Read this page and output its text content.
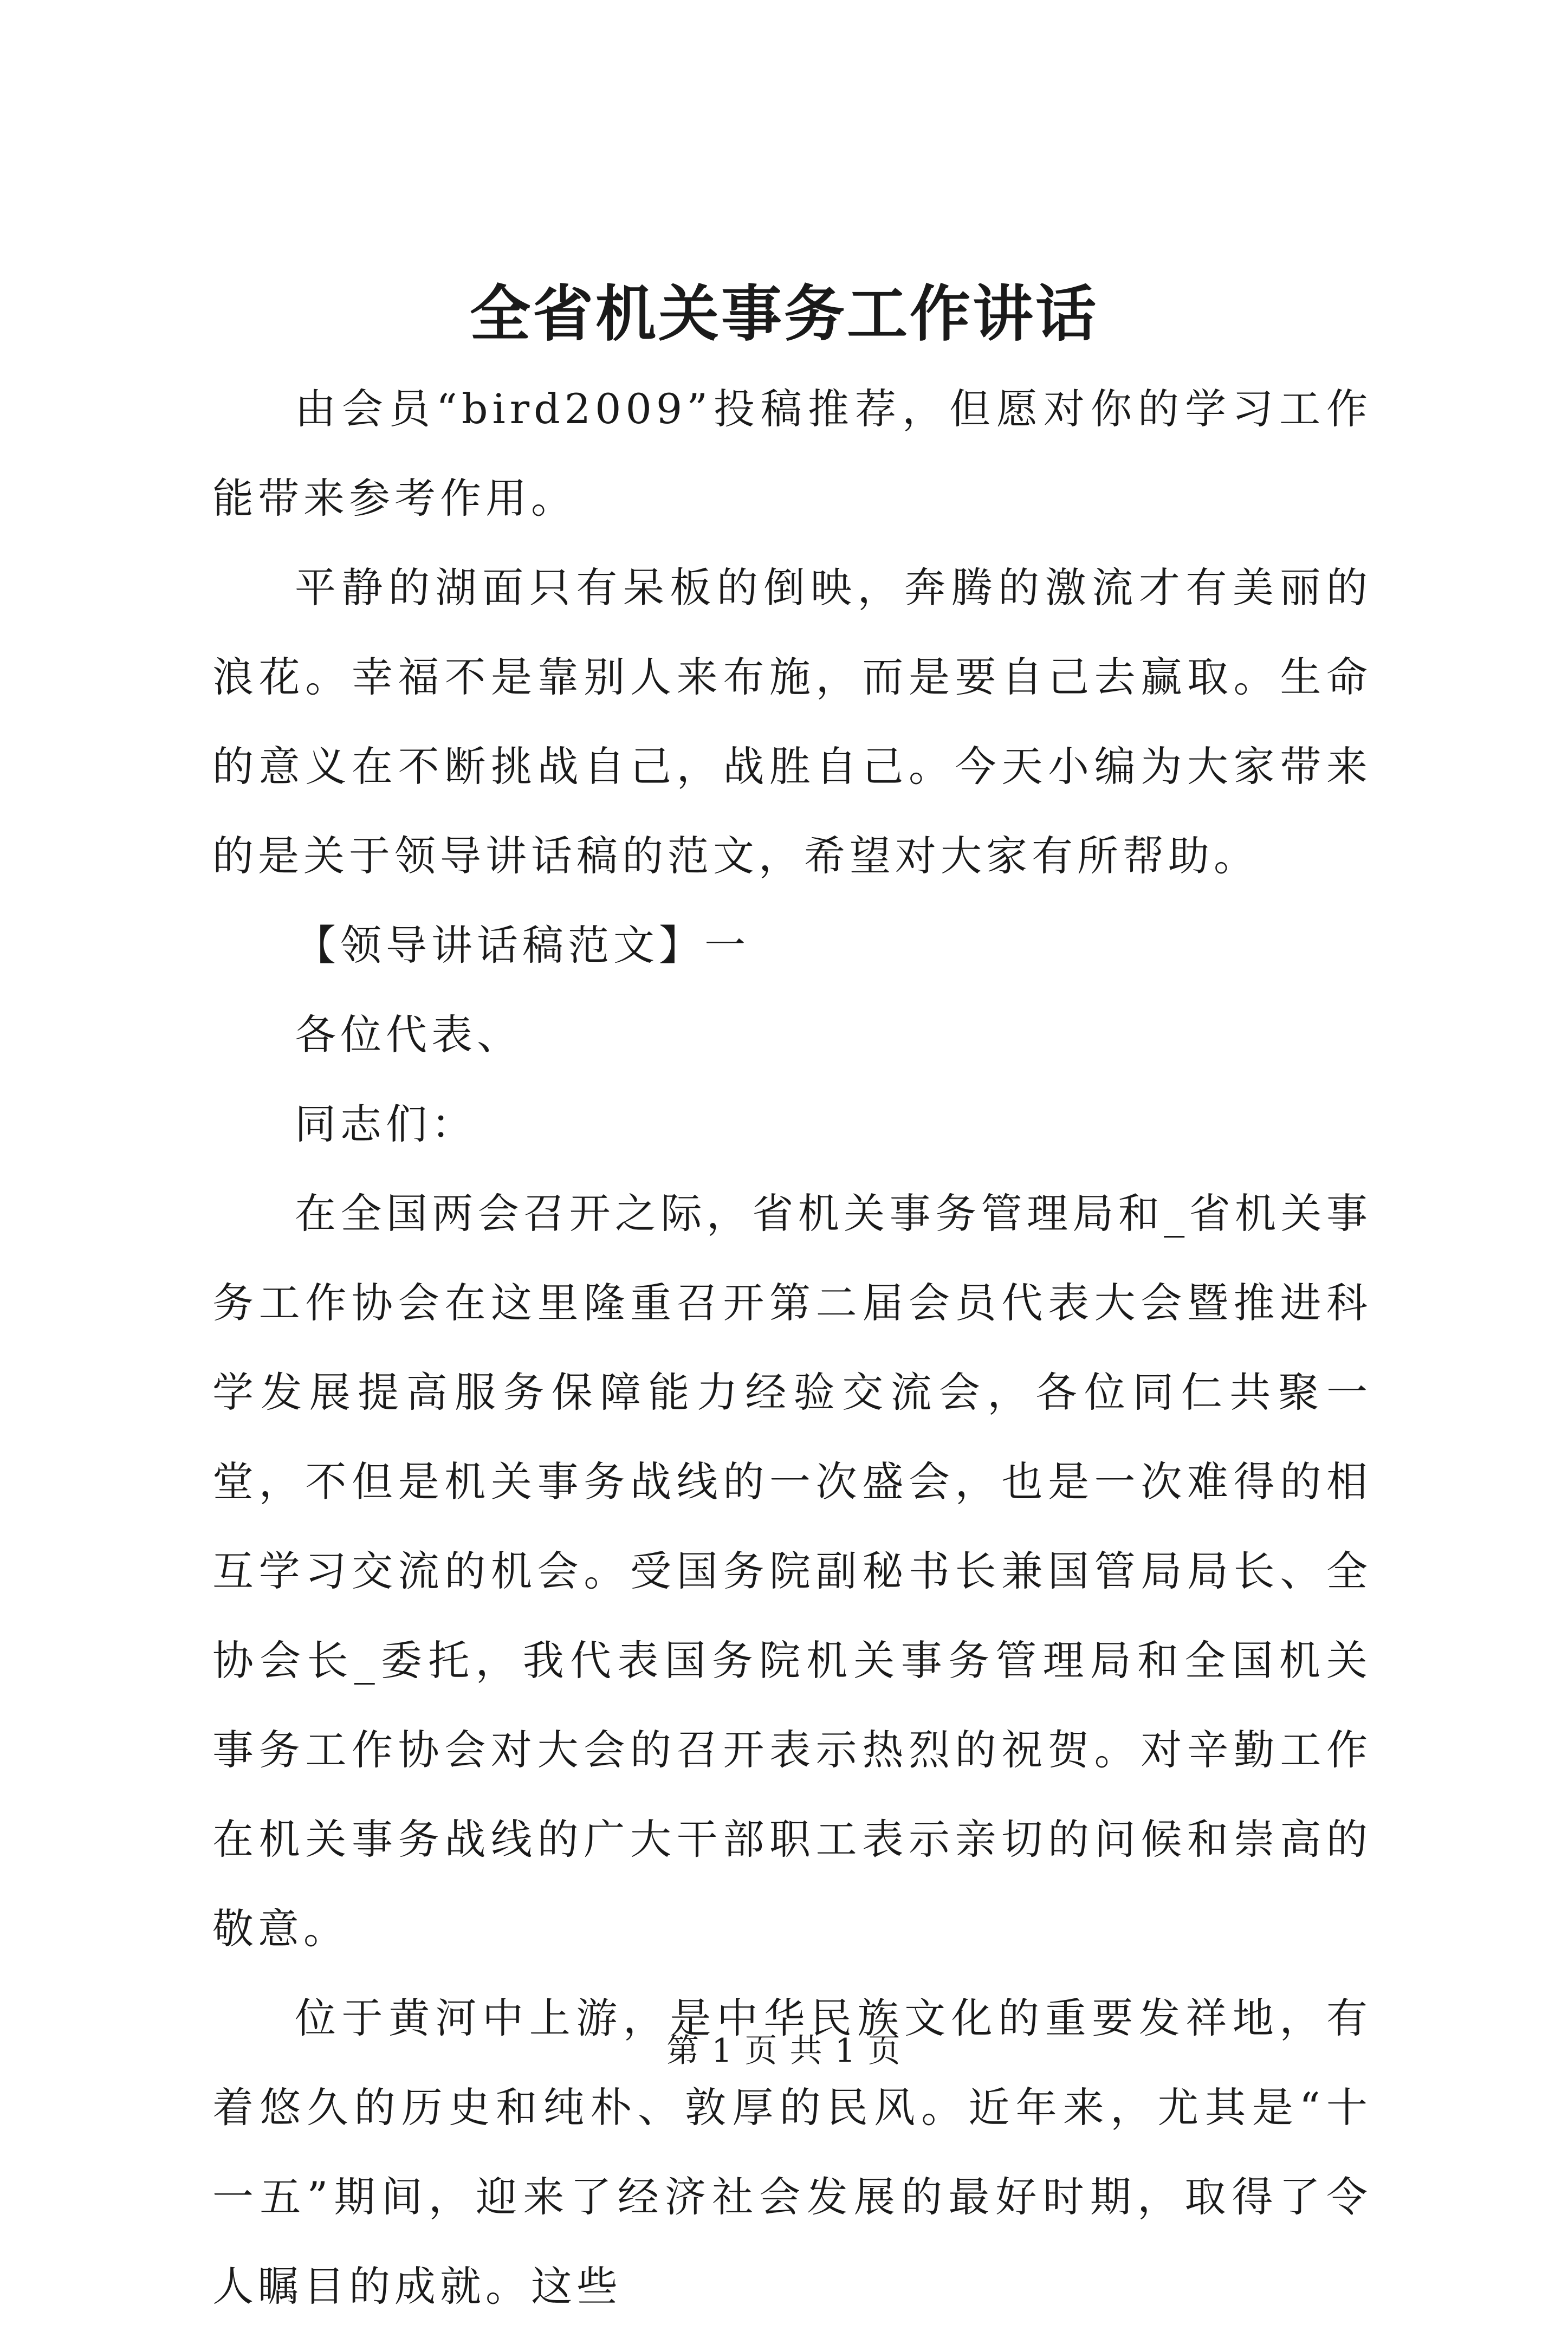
全省机关事务工作讲话

由会员“bird2009”投稿推荐，但愿对你的学习工作能带来参考作用。

平静的湖面只有呆板的倒映，奔腾的激流才有美丽的浪花。幸福不是靠别人来布施，而是要自己去赢取。生命的意义在不断挑战自己，战胜自己。今天小编为大家带来的是关于领导讲话稿的范文，希望对大家有所帮助。

【领导讲话稿范文】一

各位代表、

同志们：

在全国两会召开之际，省机关事务管理局和_省机关事务工作协会在这里隆重召开第二届会员代表大会暨推进科学发展提高服务保障能力经验交流会，各位同仁共聚一堂，不但是机关事务战线的一次盛会，也是一次难得的相互学习交流的机会。受国务院副秘书长兼国管局局长、全协会长_委托，我代表国务院机关事务管理局和全国机关事务工作协会对大会的召开表示热烈的祝贺。对辛勤工作在机关事务战线的广大干部职工表示亲切的问候和崇高的敬意。

位于黄河中上游，是中华民族文化的重要发祥地，有着悠久的历史和纯朴、敦厚的民风。近年来，尤其是“十一五”期间，迎来了经济社会发展的最好时期，取得了令人瞩目的成就。这些

第 1 页 共 1 页
